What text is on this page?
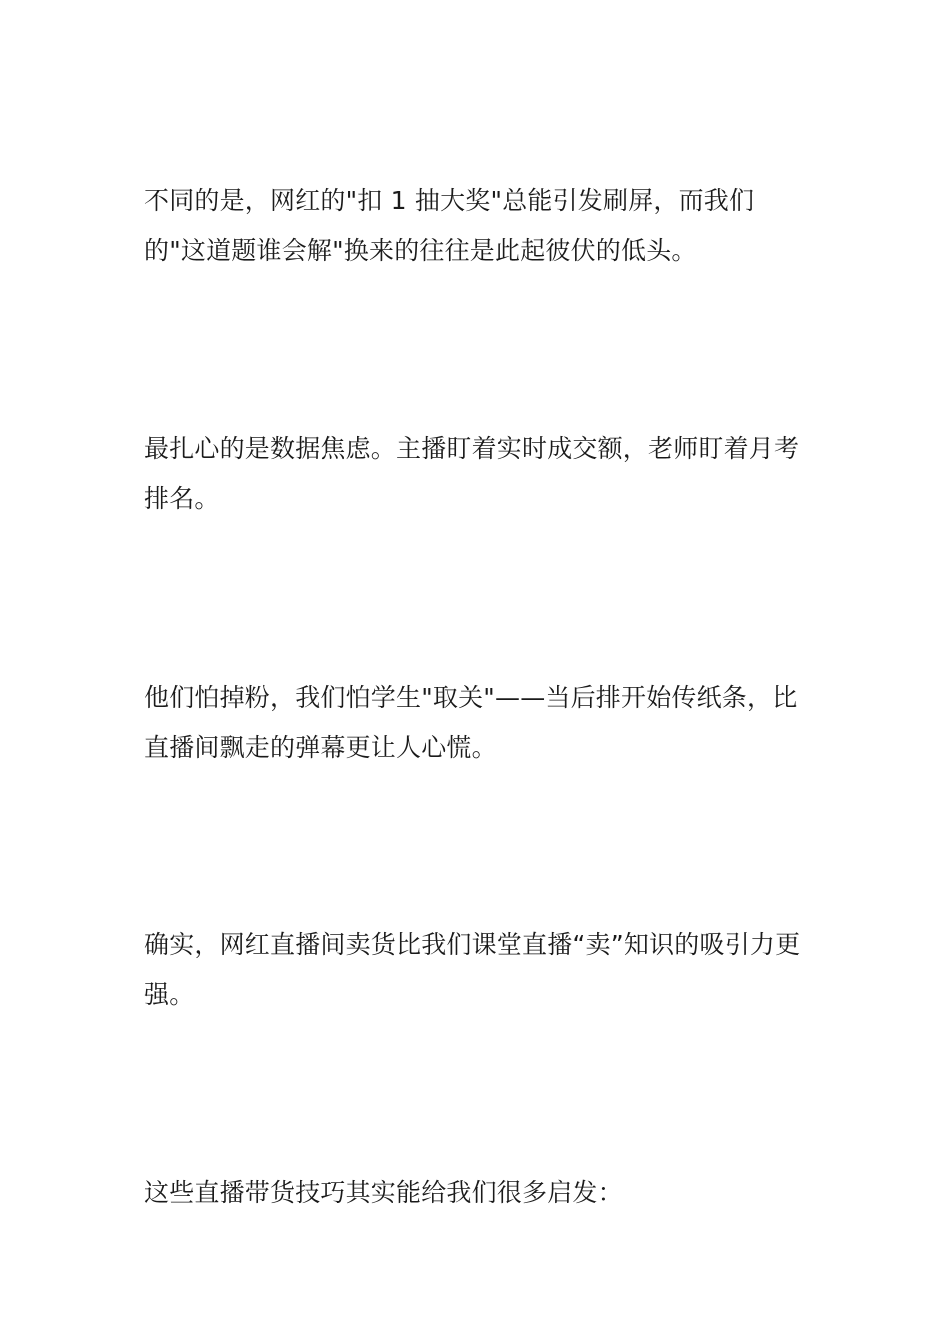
不同的是，网红的"扣 1 抽大奖"总能引发刷屏，而我们的"这道题谁会解"换来的往往是此起彼伏的低头。

最扎心的是数据焦虑。主播盯着实时成交额，老师盯着月考排名。

他们怕掉粉，我们怕学生"取关"——当后排开始传纸条，比直播间飘走的弹幕更让人心慌。

确实，网红直播间卖货比我们课堂直播“卖”知识的吸引力更强。

这些直播带货技巧其实能给我们很多启发：
